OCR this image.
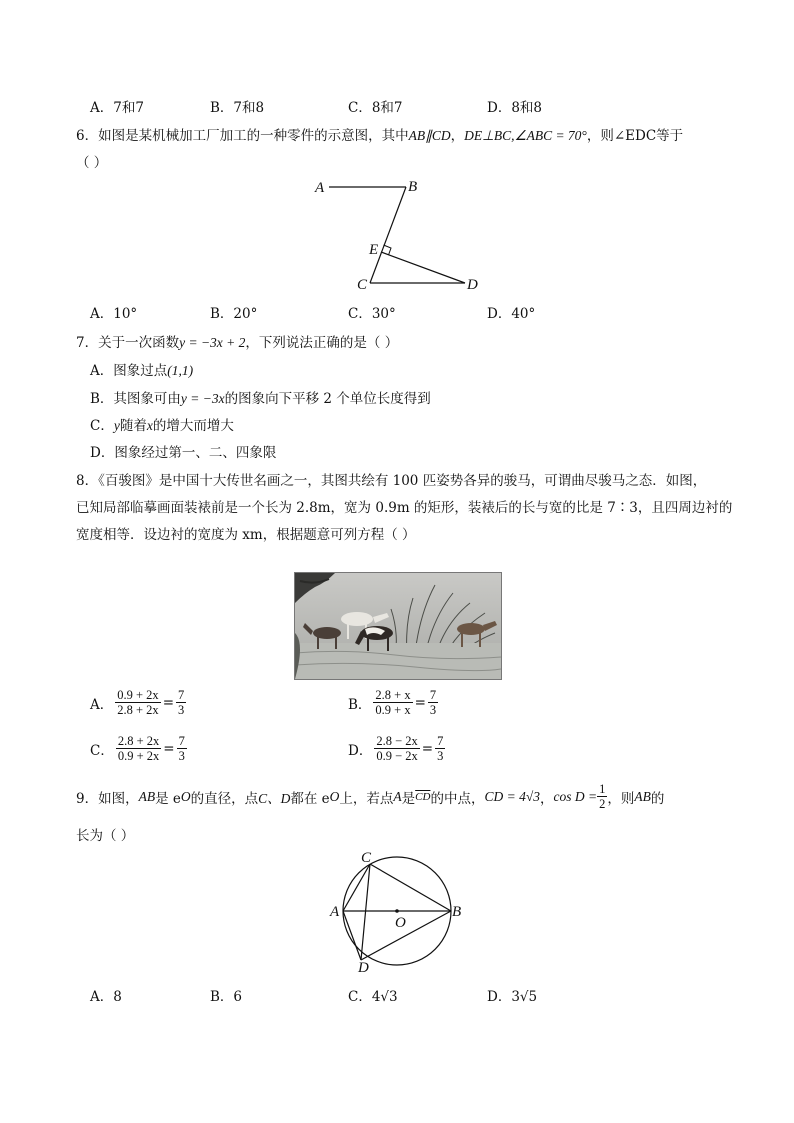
A．7和7	B．7和8	C．8和7	D．8和8
6．如图是某机械加工厂加工的一种零件的示意图，其中AB∥CD，DE⊥BC,∠ABC = 70°，则∠EDC等于
（ ）
A	B
E
C	D
A．10°	B．20°	C．30°	D．40°
7．关于一次函数y = −3x + 2，下列说法正确的是（ ）
A．图象过点(1,1)
B．其图象可由y = −3x的图象向下平移 2 个单位长度得到
C．y随着x的增大而增大
D．图象经过第一、二、四象限
8．《百骏图》是中国十大传世名画之一，其图共绘有 100 匹姿势各异的骏马，可谓曲尽骏马之态．如图，
已知局部临摹画面装裱前是一个长为 2.8m，宽为 0.9m 的矩形，装裱后的长与宽的比是 7∶3，且四周边衬的
宽度相等．设边衬的宽度为 xm，根据题意可列方程（ ）
A． $\frac{0.9 + 2x}{2.8 + 2x} = \frac{7}{3}$	B． $\frac{2.8 + x}{0.9 + x} = \frac{7}{3}$
C． $\frac{2.8 + 2x}{0.9 + 2x} = \frac{7}{3}$	D． $\frac{2.8 - 2x}{0.9 - 2x} = \frac{7}{3}$
9．如图， AB 是 e O 的直径，点 C、D 都在 e O 上，若点 A 是 $\overline{CD}$ 的中点， CD = 4√3 ， $\cos D = \frac{1}{2}$ ，则 AB 的
长为（ ）
C
A
O
B
D
A．8	B．6	C．4√3	D．3√5
